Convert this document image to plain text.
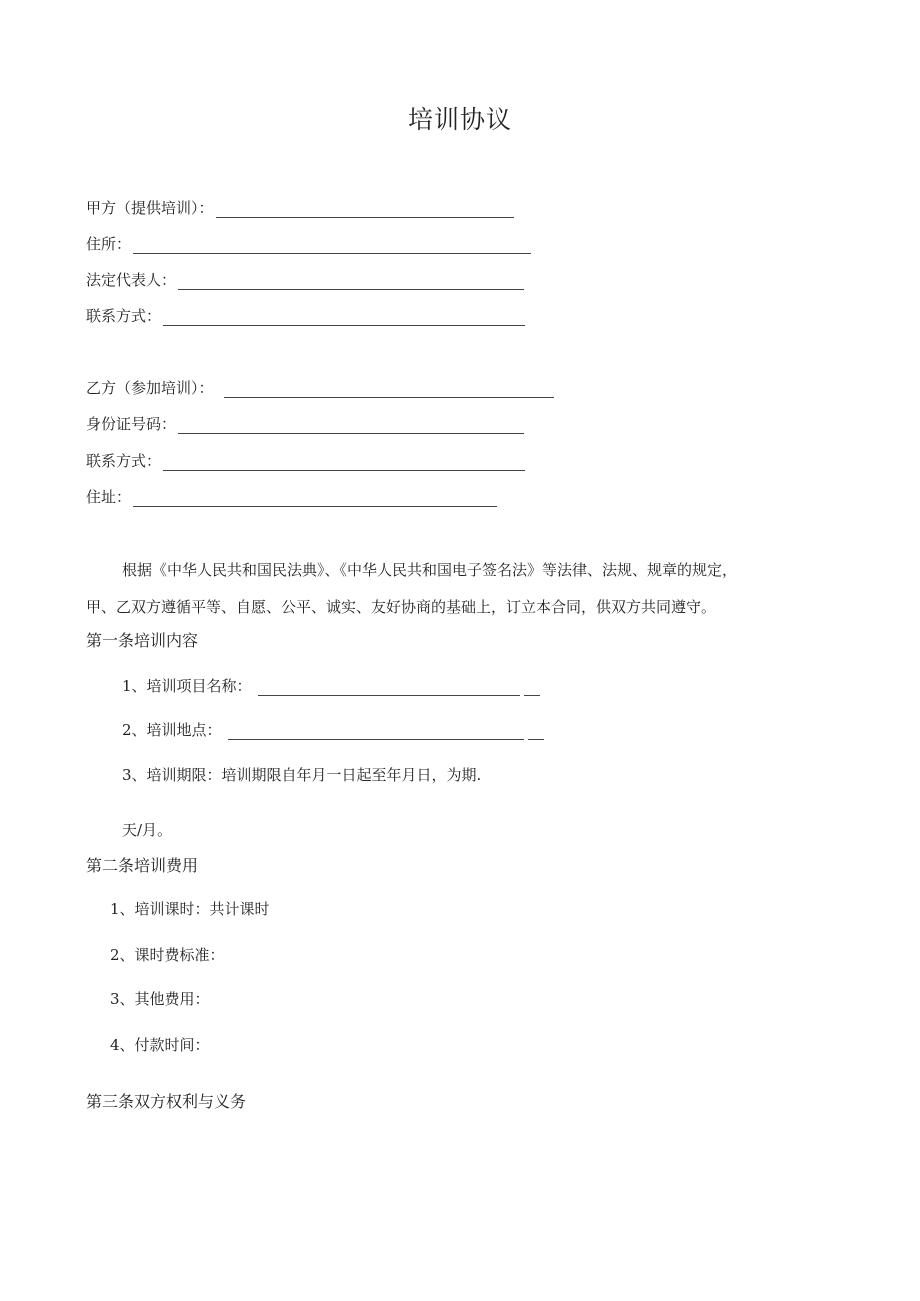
培训协议
甲方（提供培训）：
住所：
法定代表人：
联系方式：
乙方（参加培训）：
身份证号码：
联系方式：
住址：
根据《中华人民共和国民法典》、《中华人民共和国电子签名法》等法律、法规、规章的规定，
甲、乙双方遵循平等、自愿、公平、诚实、友好协商的基础上，订立本合同，供双方共同遵守。
第一条培训内容
1、培训项目名称：
2、培训地点：
3、培训期限：培训期限自年月一日起至年月日，为期.
天/月。
第二条培训费用
1、培训课时：共计课时
2、课时费标准：
3、其他费用：
4、付款时间：
第三条双方权利与义务
